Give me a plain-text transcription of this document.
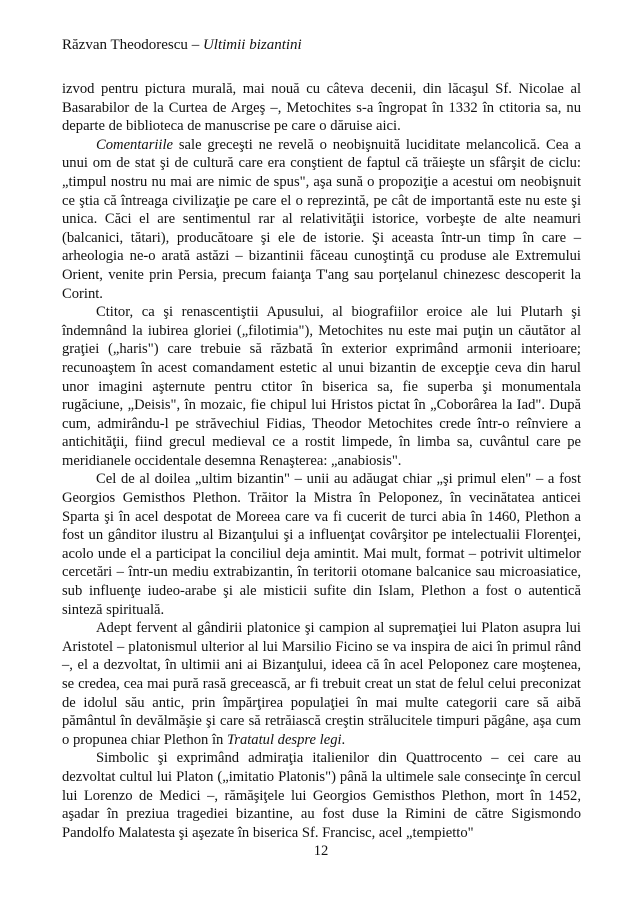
Răzvan Theodorescu – Ultimii bizantini

izvod pentru pictura murală, mai nouă cu câteva decenii, din lăcaşul Sf. Nicolae al Basarabilor de la Curtea de Argeş –, Metochites s-a îngropat în 1332 în ctitoria sa, nu departe de biblioteca de manuscrise pe care o dăruise aici.

Comentariile sale greceşti ne revelă o neobişnuită luciditate melancolică. Cea a unui om de stat şi de cultură care era conştient de faptul că trăieşte un sfârşit de ciclu: „timpul nostru nu mai are nimic de spus", aşa sună o propoziţie a acestui om neobişnuit ce ştia că întreaga civilizaţie pe care el o reprezintă, pe cât de importantă este nu este şi unica. Căci el are sentimentul rar al relativităţii istorice, vorbeşte de alte neamuri (balcanici, tătari), producătoare şi ele de istorie. Şi aceasta într-un timp în care – arheologia ne-o arată astăzi – bizantinii făceau cunoştinţă cu produse ale Extremului Orient, venite prin Persia, precum faianţa T'ang sau porţelanul chinezesc descoperit la Corint.

Ctitor, ca şi renascentiştii Apusului, al biografiilor eroice ale lui Plutarh şi îndemnând la iubirea gloriei („filotimia"), Metochites nu este mai puţin un căutător al graţiei („haris") care trebuie să răzbată în exterior exprimând armonii interioare; recunoaştem în acest comandament estetic al unui bizantin de excepţie ceva din harul unor imagini aşternute pentru ctitor în biserica sa, fie superba şi monumentala rugăciune, „Deisis", în mozaic, fie chipul lui Hristos pictat în „Coborârea la Iad". După cum, admirându-l pe străvechiul Fidias, Theodor Metochites crede într-o reînviere a antichităţii, fiind grecul medieval ce a rostit limpede, în limba sa, cuvântul care pe meridianele occidentale desemna Renaşterea: „anabiosis".

Cel de al doilea „ultim bizantin" – unii au adăugat chiar „şi primul elen" – a fost Georgios Gemisthos Plethon. Trăitor la Mistra în Peloponez, în vecinătatea anticei Sparta şi în acel despotat de Moreea care va fi cucerit de turci abia în 1460, Plethon a fost un gânditor ilustru al Bizanţului şi a influenţat covârşitor pe intelectualii Florenţei, acolo unde el a participat la conciliul deja amintit. Mai mult, format – potrivit ultimelor cercetări – într-un mediu extrabizantin, în teritorii otomane balcanice sau microasiatice, sub influenţe iudeo-arabe şi ale misticii sufite din Islam, Plethon a fost o autentică sinteză spirituală.

Adept fervent al gândirii platonice şi campion al supremaţiei lui Platon asupra lui Aristotel – platonismul ulterior al lui Marsilio Ficino se va inspira de aici în primul rând –, el a dezvoltat, în ultimii ani ai Bizanţului, ideea că în acel Peloponez care moştenea, se credea, cea mai pură rasă grecească, ar fi trebuit creat un stat de felul celui preconizat de idolul său antic, prin împărţirea populaţiei în mai multe categorii care să aibă pământul în devălmăşie şi care să retrăiască creştin strălucitele timpuri păgâne, aşa cum o propunea chiar Plethon în Tratatul despre legi.

Simbolic şi exprimând admiraţia italienilor din Quattrocento – cei care au dezvoltat cultul lui Platon („imitatio Platonis") până la ultimele sale consecinţe în cercul lui Lorenzo de Medici –, rămăşiţele lui Georgios Gemisthos Plethon, mort în 1452, aşadar în preziua tragediei bizantine, au fost duse la Rimini de către Sigismondo Pandolfo Malatesta şi aşezate în biserica Sf. Francisc, acel „tempietto"

12
